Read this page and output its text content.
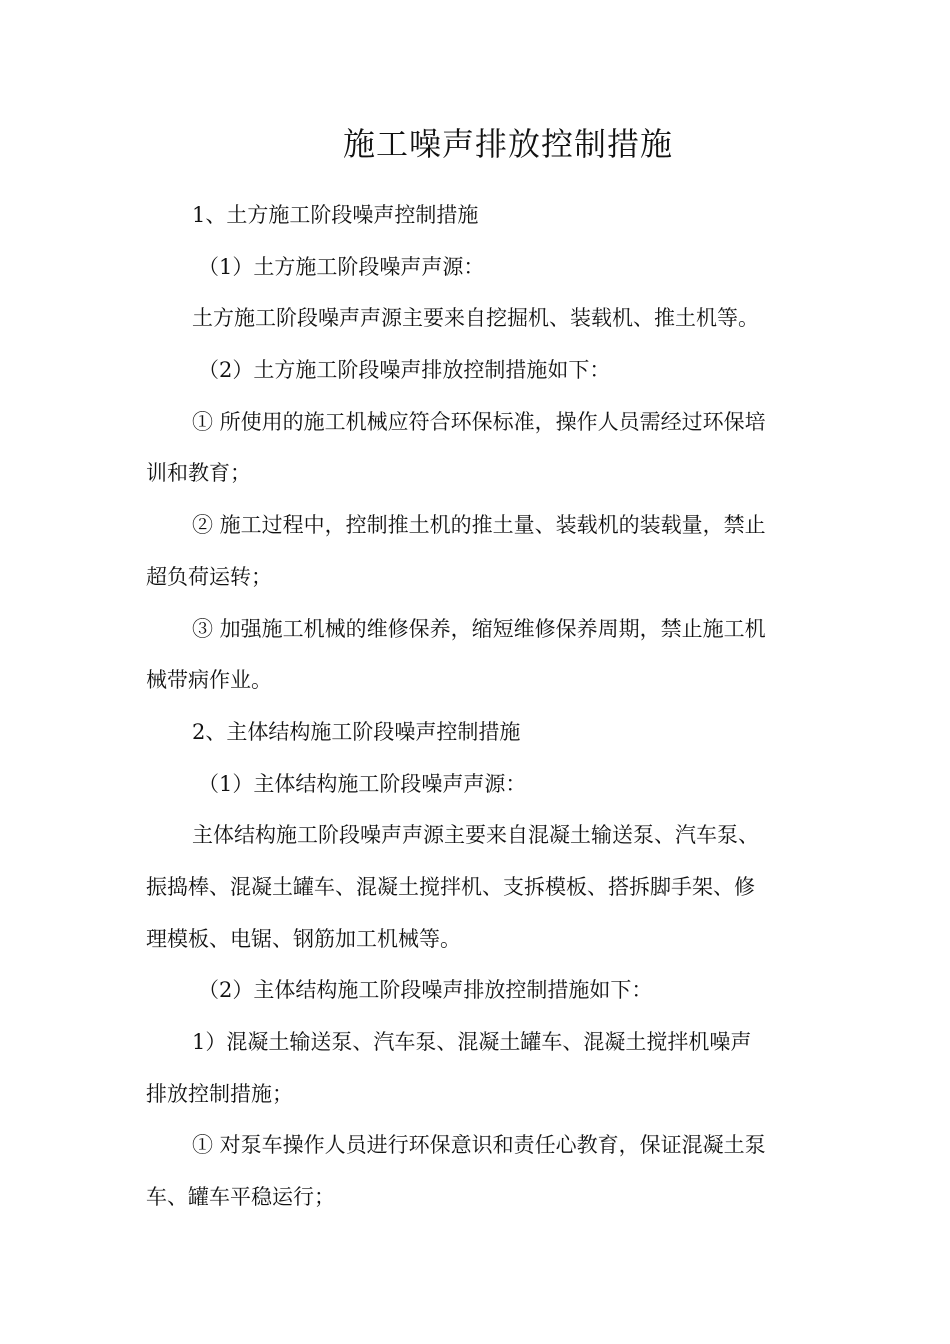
施工噪声排放控制措施
1、土方施工阶段噪声控制措施
（1）土方施工阶段噪声声源：
土方施工阶段噪声声源主要来自挖掘机、装载机、推土机等。
（2）土方施工阶段噪声排放控制措施如下：
① 所使用的施工机械应符合环保标准，操作人员需经过环保培
训和教育；
② 施工过程中，控制推土机的推土量、装载机的装载量，禁止
超负荷运转；
③ 加强施工机械的维修保养，缩短维修保养周期，禁止施工机
械带病作业。
2、主体结构施工阶段噪声控制措施
（1）主体结构施工阶段噪声声源：
主体结构施工阶段噪声声源主要来自混凝土输送泵、汽车泵、
振捣棒、混凝土罐车、混凝土搅拌机、支拆模板、搭拆脚手架、修
理模板、电锯、钢筋加工机械等。
（2）主体结构施工阶段噪声排放控制措施如下：
1）混凝土输送泵、汽车泵、混凝土罐车、混凝土搅拌机噪声
排放控制措施；
① 对泵车操作人员进行环保意识和责任心教育，保证混凝土泵
车、罐车平稳运行；
